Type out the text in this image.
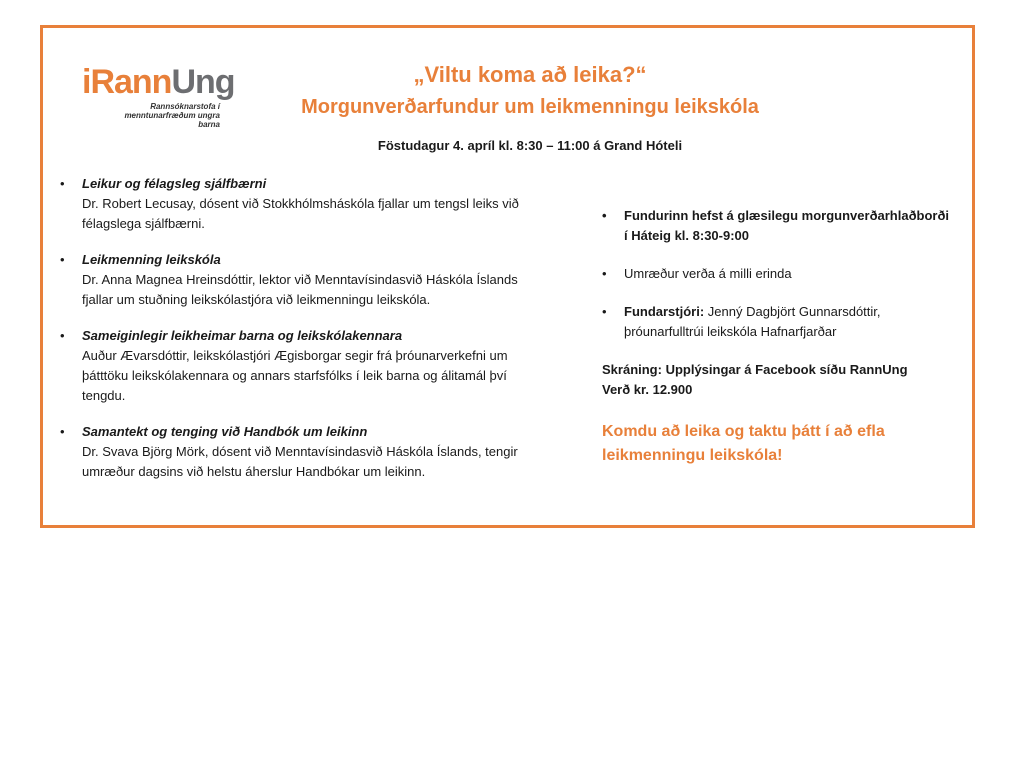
iRannUng
Rannsóknarstofa í
menntunarfræðum ungra barna
„Viltu koma að leika?“
Morgunverðarfundur um leikmenningu leikskóla
Föstudagur 4. apríl kl. 8:30 – 11:00 á Grand Hóteli
• Leikur og félagsleg sjálfbærni
Dr. Robert Lecusay, dósent við Stokkhólmsháskóla fjallar um tengsl leiks við félagslega sjálfbærni.
• Leikmenning leikskóla
Dr. Anna Magnea Hreinsdóttir, lektor við Menntavísindasvið Háskóla Íslands fjallar um stuðning leikskólastjóra við leikmenningu leikskóla.
• Sameiginlegir leikheimar barna og leikskólakennara
Auður Ævarsdóttir, leikskólastjóri Ægisborgar segir frá þróunarverkefni um þátttöku leikskólakennara og annars starfsfólks í leik barna og álitamál því tengdu.
• Samantekt og tenging við Handbók um leikinn
Dr. Svava Björg Mörk, dósent við Menntavísindasvið Háskóla Íslands, tengir umræður dagsins við helstu áherslur Handbókar um leikinn.
• Fundurinn hefst á glæsilegu morgunverðarhlaðborði í Háteig kl. 8:30-9:00
• Umræður verða á milli erinda
• Fundarstjóri: Jenný Dagbjört Gunnarsdóttir, þróunarfulltrúi leikskóla Hafnarfjarðar
Skráning: Upplýsingar á Facebook síðu RannUng
Verð kr. 12.900
Komdu að leika og taktu þátt í að efla leikmenningu leikskóla!
